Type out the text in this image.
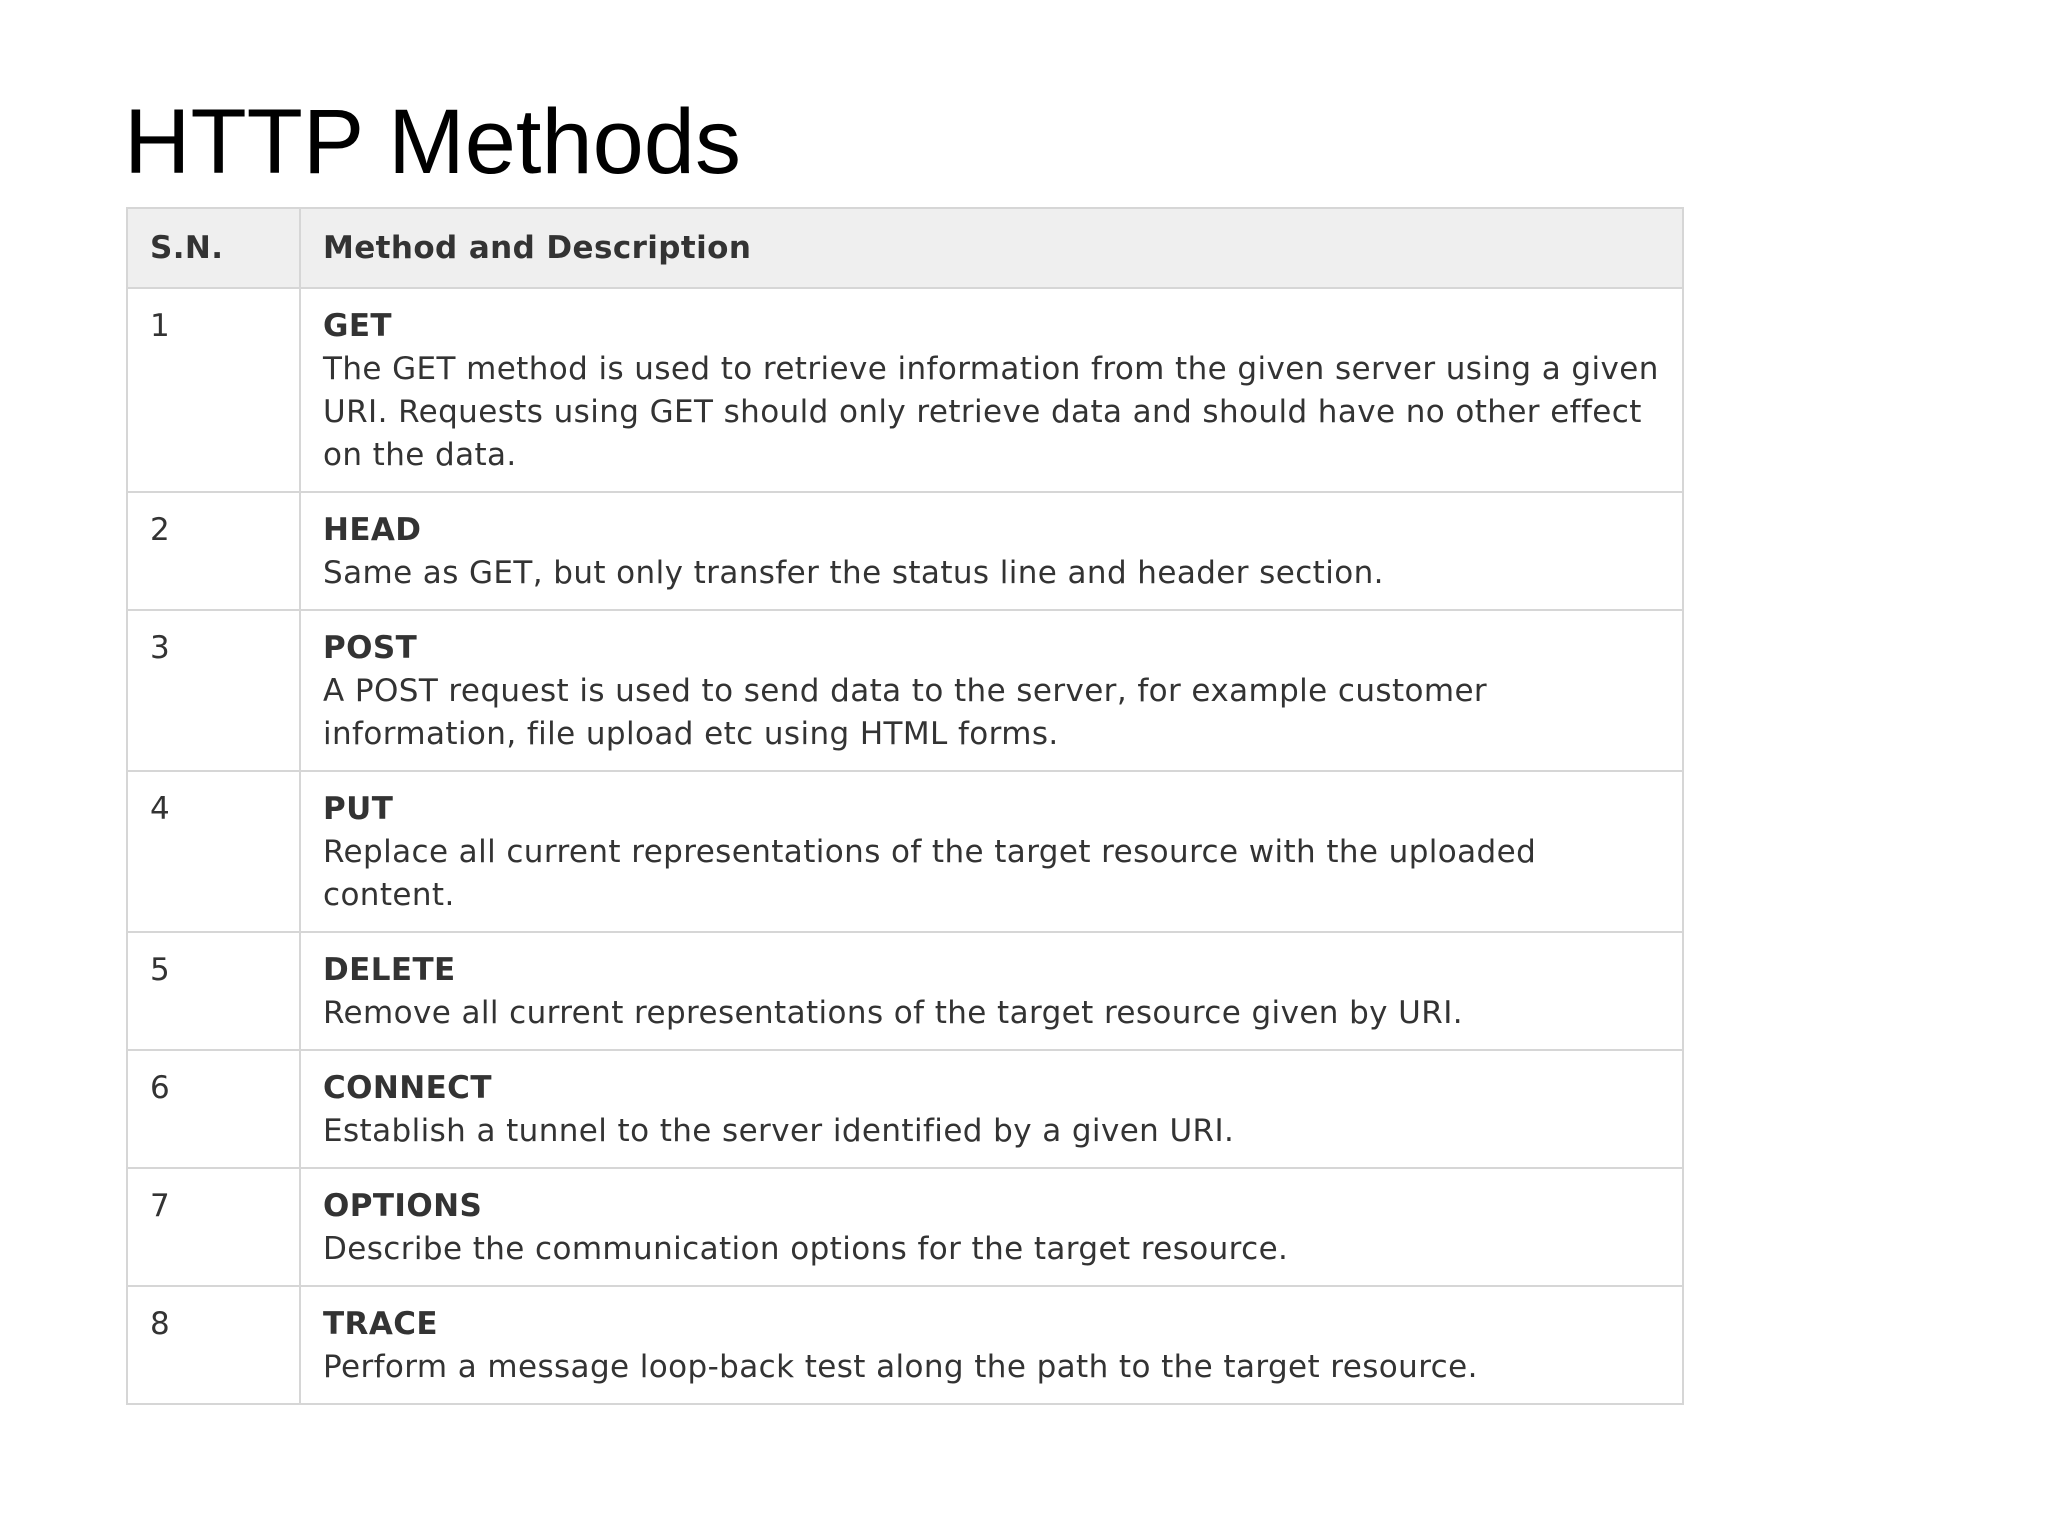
HTTP Methods
S.N.	Method and Description
1	GET
The GET method is used to retrieve information from the given server using a given URI. Requests using GET should only retrieve data and should have no other effect on the data.

2	HEAD
Same as GET, but only transfer the status line and header section.

3	POST
A POST request is used to send data to the server, for example customer information, file upload etc using HTML forms.

4	PUT
Replace all current representations of the target resource with the uploaded content.

5	DELETE
Remove all current representations of the target resource given by URI.

6	CONNECT
Establish a tunnel to the server identified by a given URI.

7	OPTIONS
Describe the communication options for the target resource.

8	TRACE
Perform a message loop-back test along the path to the target resource.
